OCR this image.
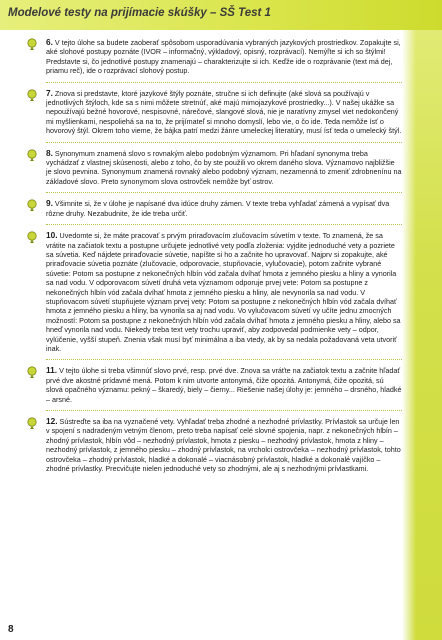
Modelové testy na prijímacie skúšky – SŠ Test 1
6. V tejto úlohe sa budete zaoberať spôsobom usporadúvania vybraných jazykových prostriedkov. Zopakujte si, aké slohové postupy poznáte (IVOR – informačný, výkladový, opisný, rozprávací). Nemýľte si ich so štýlmi! Predstavte si, čo jednotlivé postupy znamenajú – charakterizujte si ich. Keďže ide o rozprávanie (text má dej, priamu reč), ide o rozprávací slohový postup.
7. Znova si predstavte, ktoré jazykové štýly poznáte, stručne si ich definujte (aké slová sa používajú v jednotlivých štýloch, kde sa s nimi môžete stretnúť, aké majú mimojazykové prostriedky...). V našej ukážke sa nepoužívajú bežné hovorové, nespisovné, nárečové, slangové slová, nie je naratívny zmysel viet nedokončený mi myšlienkami, nespoliehá sa na to, že prijímateľ si mnoho domyslí, lebo vie, o čo ide. Teda nemôže ísť o hovorový štýl. Okrem toho vieme, že bájka patrí medzi žánre umeleckej literatúry, musí ísť teda o umelecký štýl.
8. Synonymum znamená slovo s rovnakým alebo podobným významom. Pri hľadaní synonyma treba vychádzať z vlastnej skúsenosti, alebo z toho, čo by ste použili vo okrem daného slova. Významovo najbližšie je slovo pevnina. Synonymum znamená rovnaký alebo podobný význam, nezamenná to zmeniť zdrobnenínu na základové slovo. Preto synonymom slova ostrovček nemôže byť ostrov.
9. Všimnite si, že v úlohe je napísané dva idúce druhy zámen. V texte treba vyhľadať zámená a vypísať dva rôzne druhy. Nezabudnite, že ide treba určiť.
10. Uvedomte si, že máte pracovať s prvým priraďovacím zlučovacím súvetím v texte. To znamená, že sa vrátite na začiatok textu a postupne určujete jednotlivé vety podľa zloženia: vyjdite jednoduché vety a pozriete sa súvetia. Keď nájdete priraďovacie súvetie, napíšte si ho a začnite ho upravovať. Najprv si zopakujte, aké priraďovacie súvetia poznáte (zlučovacie, odporovacie, stupňovacie, vylučovacie), potom začnite vybrané súvetie: Potom sa postupne z nekonečných hlbín vód začala dvíhať hmota z jemného piesku a hliny a vynorila sa nad vodu. V odporovacom súvetí druhá veta významom odporuje prvej vete: Potom sa postupne z nekonečných hlbín vód začala dvíhať hmota z jemného piesku a hliny, ale nevynorila sa nad vodu. V stupňovacom súvetí stupňujete význam prvej vety: Potom sa postupne z nekonečných hlbín vód začala dvíhať hmota z jemného piesku a hliny, ba vynorila sa aj nad vodu. Vo vylučovacom súvetí vy učíte jednu zmocných možností: Potom sa postupne z nekonečných hlbín vód začala dvíhať hmota z jemného piesku a hliny, alebo sa hneď vynorila nad vodu. Niekedy treba text vety trochu upraviť, aby zodpovedal podmienke vety – odpor, vylúčenie, vyšší stupeň. Znenia však musí byť minimálna a iba vtedy, ak by sa nedala požadovaná veta utvoriť inak.
11. V tejto úlohe si treba všimnúť slovo prvé, resp. prvé dve. Znova sa vráťte na začiatok textu a začnite hľadať prvé dve akostné prídavné mená. Potom k nim utvorte antonymá, čiže opozitá. Antonymá, čiže opozitá, sú slová opačného významu: pekný – škaredý, biely – čierny... Riešenie našej úlohy je: jemného – drsného, hladké – arsné.
12. Sústreďte sa iba na vyznačené vety. Vyhľadať treba zhodné a nezhodné prívlastky. Prívlastok sa určuje len v spojení s nadradeným vetným členom, preto treba napísať celé slovné spojenia, napr. z nekonečných hlbín – zhodný prívlastok, hlbín vôd – nezhodný prívlastok, hmota z piesku – nezhodný prívlastok, hmota z hliny – nezhodný prívlastok, z jemného piesku – zhodný prívlastok, na vrcholci ostrovčeka – nezhodný prívlastok, tohto ostrovčeka – zhodný prívlastok, hladké a dokonalé – viacnásobný prívlastok, hladké a dokonalé vajíčko – zhodné prívlastky. Precvičujte nielen jednoduché vety so zhodnými, ale aj s nezhodnými prívlastkami.
8
